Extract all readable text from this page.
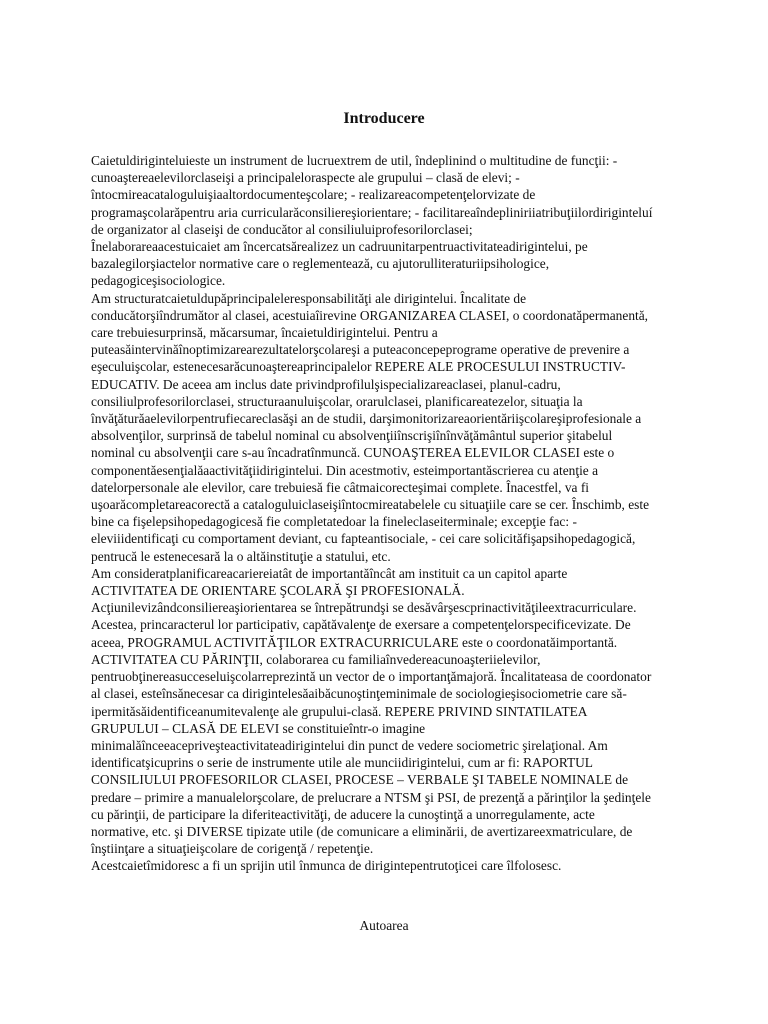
Introducere
Caietuldiriginteluieste un instrument de lucruextrem de util, îndeplinind o multitudine de funcţii: -
cunoaştereaelevilorclaseişi a principaleloraspecte ale grupului – clasă de elevi; -
întocmireacataloguluişiaaltordocumenteşcolare; - realizareacompetenţelorvizate de
programaşcolarăpentru aria curricularăconsiliereşiorientare; - facilitareaîndepliniriiatribuţiilordiriginteluí
de organizator al claseişi de conducător al consiliuluiprofesorilorclasei;
Înelaborareaacestuicaiet am încercatsărealizez un cadruunitarpentruactivitateadirigintelui, pe
bazalegilorşiactelor normative care o reglementează, cu ajutorulliteraturiipsihologice,
pedagogiceşisociologice.
Am structuratcaietuldupăprincipaleleresponsabilităţi ale dirigintelui. Încalitate de
conducătorşiîndrumător al clasei, acestuiaîirevine ORGANIZAREA CLASEI, o coordonatăpermanentă,
care trebuiesurprinsă, măcarsumar, încaietuldirigintelui. Pentru a
puteasăintervinăînoptimizarearezultatelorşcolareşi a puteaconcepeprograme operative de prevenire a
eşeculuişcolar, estenecesarăcunoaştereaprincipalelor REPERE ALE PROCESULUI INSTRUCTIV-
EDUCATIV. De aceea am inclus date privindprofilulşispecializareaclasei, planul-cadru,
consiliulprofesorilorclasei, structuraanuluişcolar, orarulclasei, planificareatezelor, situaţia la
învăţăturăaelevilorpentrufiecareclasăşi an de studii, darşimonitorizareaorientăriişcolareşiprofesionale a
absolvenţilor, surprinsă de tabelul nominal cu absolvenţiiînscrişiînînvăţământul superior şitabelul
nominal cu absolvenţii care s-au încadratînmuncă. CUNOAŞTEREA ELEVILOR CLASEI este o
componentăesenţialăaactivităţiidirigintelui. Din acestmotiv, esteimportantăscrierea cu atenţie a
datelorpersonale ale elevilor, care trebuiesă fie câtmaicorecteşimai complete. Înacestfel, va fi
uşoarăcompletareacorectă a cataloguluiclaseişiîntocmireatabelele cu situaţiile care se cer. Înschimb, este
bine ca fişelepsihopedagogicesă fie completatedoar la fineleclaseiterminale; excepţie fac: -
eleviiidentificaţi cu comportament deviant, cu fapteantisociale, - cei care solicităfişapsihopedagogică,
pentrucă le estenecesară la o altăinstituţie a statului, etc.
Am consideratplanificareacariereiatât de importantăîncât am instituit ca un capitol aparte
ACTIVITATEA DE ORIENTARE ŞCOLARĂ ŞI PROFESIONALĂ.
Acţiunilevizândconsiliereaşiorientarea se întrepătrundşi se desăvârşescprinactivităţileextracurriculare.
Acestea, princaracterul lor participativ, capătăvalenţe de exersare a competenţelorspecificevizate. De
aceea, PROGRAMUL ACTIVITĂŢILOR EXTRACURRICULARE este o coordonatăimportantă.
ACTIVITATEA CU PĂRINŢII, colaborarea cu familiaînvedereacunoaşteriielevilor,
pentruobţinereasucceseluişcolarreprezintă un vector de o importanţămajoră. Încalitateasa de coordonator
al clasei, esteînsănecesar ca dirigintelesăaibăcunoştinţeminimale de sociologieşisociometrie care să-
ipermităsăidentificeanumitevalenţe ale grupului-clasă. REPERE PRIVIND SINTATILATEA
GRUPULUI – CLASĂ DE ELEVI se constituieîntr-o imagine
minimalăînceeacepriveşteactivitateadirigintelui din punct de vedere sociometric şirelaţional. Am
identificatşicuprins o serie de instrumente utile ale munciidirigintelui, cum ar fi: RAPORTUL
CONSILIULUI PROFESORILOR CLASEI, PROCESE – VERBALE ŞI TABELE NOMINALE de
predare – primire a manualelorşcolare, de prelucrare a NTSM şi PSI, de prezenţă a părinţilor la şedinţele
cu părinţii, de participare la diferiteactivităţi, de aducere la cunoştinţă a unorregulamente, acte
normative, etc. şi DIVERSE tipizate utile (de comunicare a eliminării, de avertizareexmatriculare, de
înştiinţare a situaţieişcolare de corigenţă / repetenţie.
Acestcaietîmidoresc a fi un sprijin util înmunca de dirigintepentrutoţicei care îlfolosesc.
Autoarea
